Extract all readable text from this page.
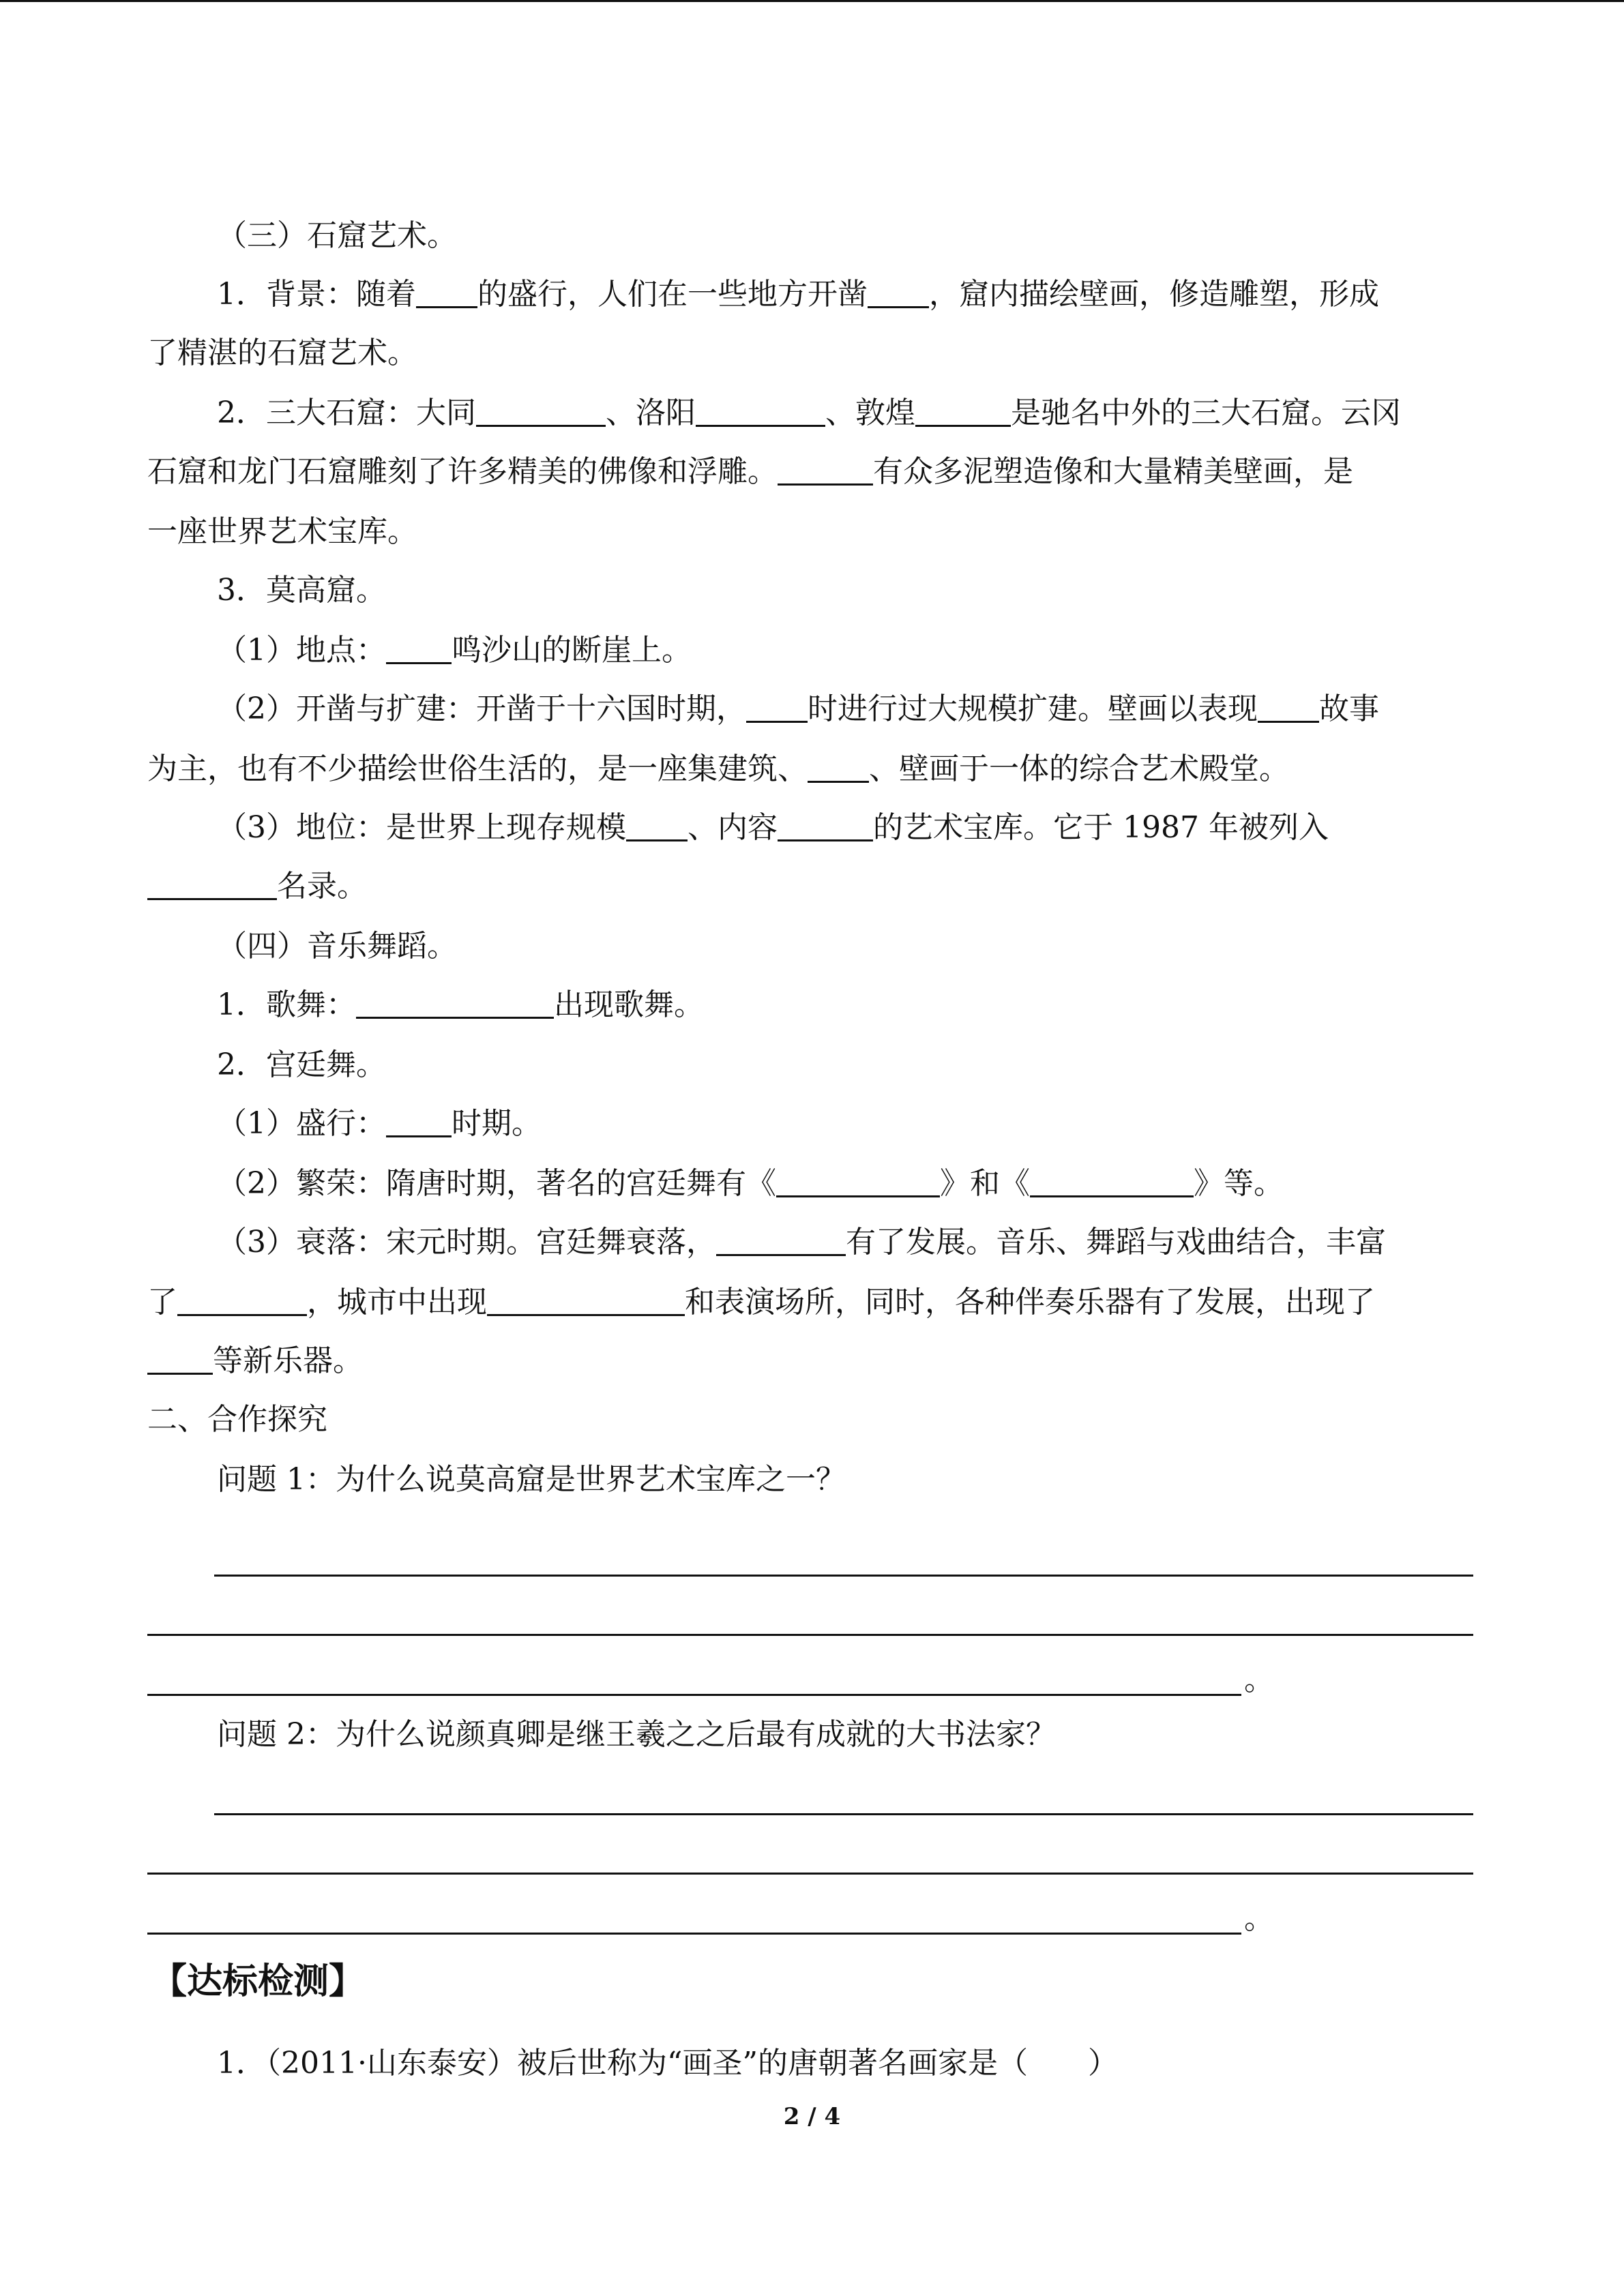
（三）石窟艺术。
1．背景：随着 的盛行，人们在一些地方开凿 ，窟内描绘壁画，修造雕塑，形成
了精湛的石窟艺术。
2．三大石窟：大同	、洛阳	、敦煌	是驰名中外的三大石窟。云冈
石窟和龙门石窟雕刻了许多精美的佛像和浮雕。	有众多泥塑造像和大量精美壁画，是
一座世界艺术宝库。
3．莫高窟。
（1）地点： 鸣沙山的断崖上。
（2）开凿与扩建：开凿于十六国时期， 时进行过大规模扩建。壁画以表现 故事
为主，也有不少描绘世俗生活的，是一座集建筑、 、壁画于一体的综合艺术殿堂。
（3）地位：是世界上现存规模 、内容	的艺术宝库。它于 1987 年被列入
名录。
（四）音乐舞蹈。
1．歌舞：	出现歌舞。
2．宫廷舞。
（1）盛行： 时期。
（2）繁荣：隋唐时期，著名的宫廷舞有《	》和《	》等。
（3）衰落：宋元时期。宫廷舞衰落，	有了发展。音乐、舞蹈与戏曲结合，丰富
了	，城市中出现	和表演场所，同时，各种伴奏乐器有了发展，出现了
等新乐器。
二、合作探究
问题 1：为什么说莫高窟是世界艺术宝库之一？
。
问题 2：为什么说颜真卿是继王羲之之后最有成就的大书法家？
。
【达标检测】
1．（2011·山东泰安）被后世称为“画圣”的唐朝著名画家是（　　）
2 / 4
